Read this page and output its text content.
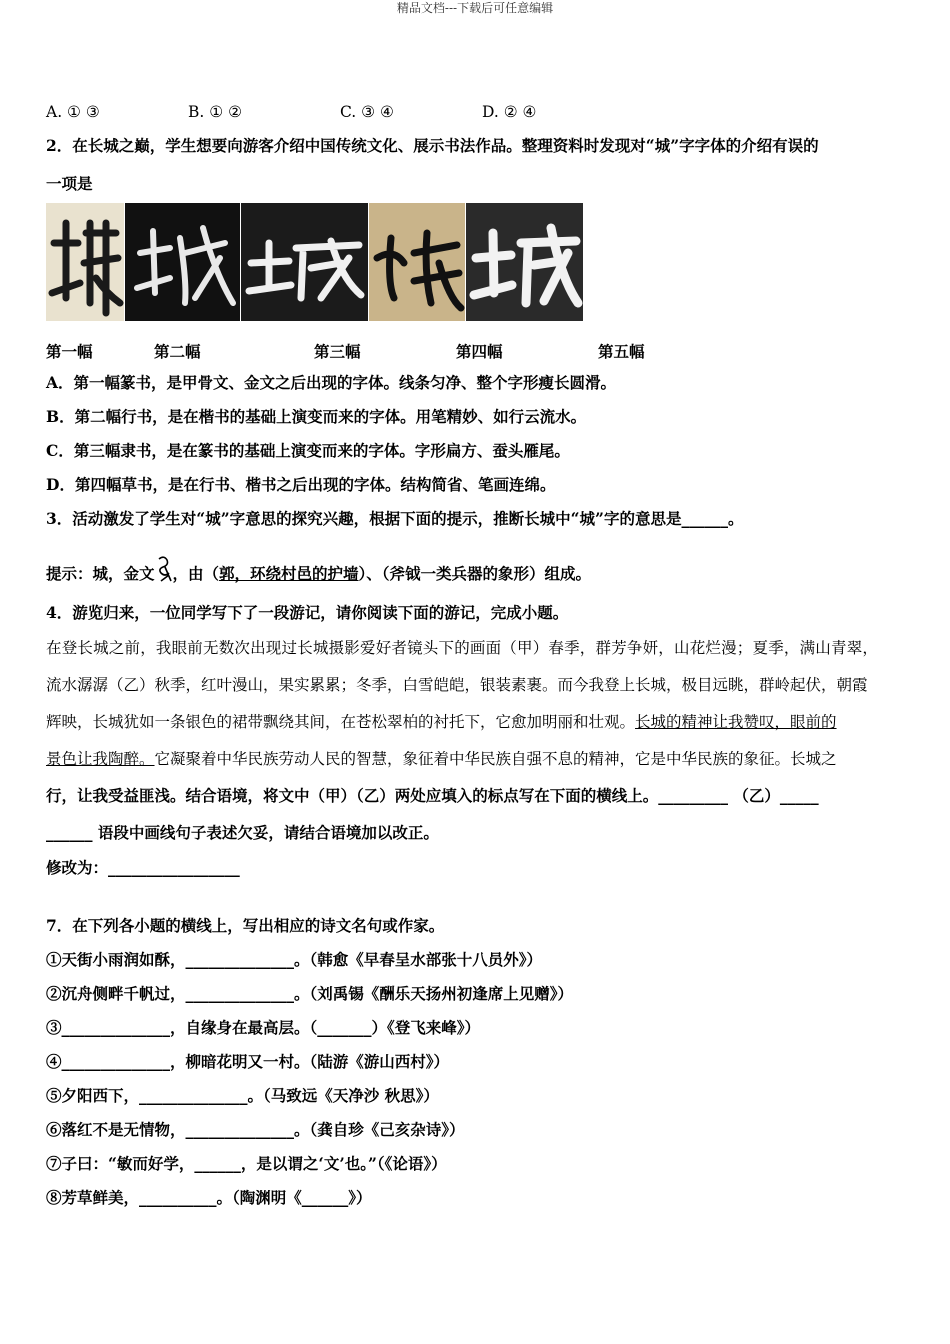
精品文档---下载后可任意编辑
A. ① ③	B. ① ②	C. ③ ④	D. ② ④
2．在长城之巅，学生想要向游客介绍中国传统文化、展示书法作品。整理资料时发现对“城”字字体的介绍有误的
一项是
第一幅	第二幅	第三幅	第四幅	第五幅
A．第一幅篆书，是甲骨文、金文之后出现的字体。线条匀净、整个字形瘦长圆滑。
B．第二幅行书，是在楷书的基础上演变而来的字体。用笔精妙、如行云流水。
C．第三幅隶书，是在篆书的基础上演变而来的字体。字形扁方、蚕头雁尾。
D．第四幅草书，是在行书、楷书之后出现的字体。结构简省、笔画连绵。
3．活动激发了学生对“城”字意思的探究兴趣，根据下面的提示，推断长城中“城”字的意思是______。
提示：城，金文 ，由（郭，环绕村邑的护墙）、（斧钺一类兵器的象形）组成。
4．游览归来，一位同学写下了一段游记，请你阅读下面的游记，完成小题。
在登长城之前，我眼前无数次出现过长城摄影爱好者镜头下的画面（甲）春季，群芳争妍，山花烂漫；夏季，满山青翠，
流水潺潺（乙）秋季，红叶漫山，果实累累；冬季，白雪皑皑，银装素裹。而今我登上长城，极目远眺，群岭起伏，朝霞
辉映，长城犹如一条银色的裙带飘绕其间，在苍松翠柏的衬托下，它愈加明丽和壮观。长城的精神让我赞叹，眼前的
景色让我陶醉。它凝聚着中华民族劳动人民的智慧，象征着中华民族自强不息的精神，它是中华民族的象征。长城之
行，让我受益匪浅。结合语境，将文中（甲）（乙）两处应填入的标点写在下面的横线上。_________ （乙）_____
______ 语段中画线句子表述欠妥，请结合语境加以改正。
修改为：_________________
7．在下列各小题的横线上，写出相应的诗文名句或作家。
①天街小雨润如酥，______________。（韩愈《早春呈水部张十八员外》）
②沉舟侧畔千帆过，______________。（刘禹锡《酬乐天扬州初逢席上见赠》）
③______________，自缘身在最高层。（_______）《登飞来峰》）
④______________，柳暗花明又一村。（陆游《游山西村》）
⑤夕阳西下，______________。（马致远《天净沙 秋思》）
⑥落红不是无情物，______________。（龚自珍《己亥杂诗》）
⑦子曰：“敏而好学，______，是以谓之‘文’也。”（《论语》）
⑧芳草鲜美，__________。（陶渊明《______》）
